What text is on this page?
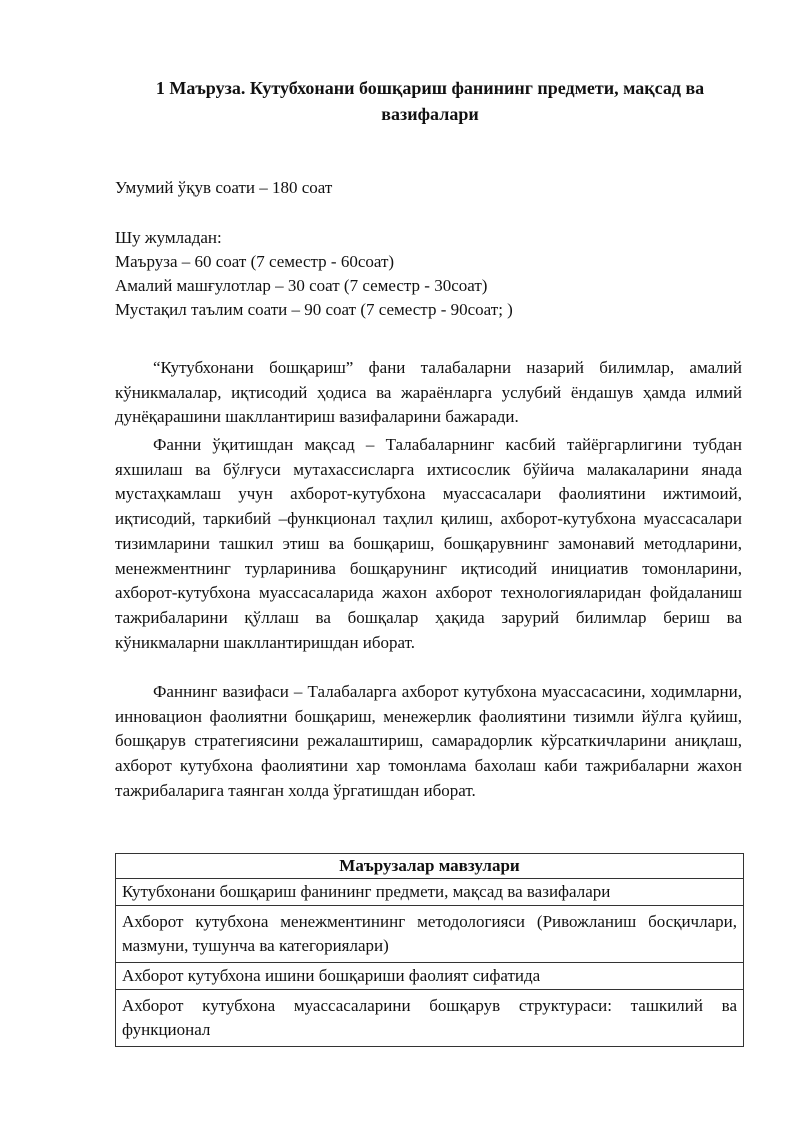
1 Маъруза. Кутубхонани бошқариш фанининг предмети, мақсад ва
вазифалари
Умумий ўқув соати – 180 соат
Шу жумладан:
Маъруза – 60 соат (7 семестр - 60соат)
Амалий машғулотлар – 30 соат (7 семестр - 30соат)
Мустақил таълим соати – 90 соат (7 семестр - 90соат; )

“Кутубхонани бошқариш” фани талабаларни назарий билимлар, амалий кўникмалалар, иқтисодий ҳодиса ва жараёнларга услубий ёндашув ҳамда илмий дунёқарашини шакллантириш вазифаларини бажаради.

Фанни ўқитишдан мақсад – Талабаларнинг касбий тайёргарлигини тубдан яхшилаш ва бўлғуси мутахассисларга ихтисослик бўйича малакаларини янада мустаҳкамлаш учун ахборот-кутубхона муассасалари фаолиятини ижтимоий, иқтисодий, таркибий –функционал таҳлил қилиш, ахборот-кутубхона муассасалари тизимларини ташкил этиш ва бошқариш, бошқарувнинг замонавий методларини, менежментнинг турларинива бошқарунинг иқтисодий инициатив томонларини, ахборот-кутубхона муассасаларида жахон ахборот технологияларидан фойдаланиш тажрибаларини қўллаш ва бошқалар ҳақида зарурий билимлар бериш ва кўникмаларни шакллантиришдан иборат.

Фаннинг вазифаси – Талабаларга ахборот кутубхона муассасасини, ходимларни, инновацион фаолиятни бошқариш, менежерлик фаолиятини тизимли йўлга қуйиш, бошқарув стратегиясини режалаштириш, самарадорлик кўрсаткичларини аниқлаш, ахборот кутубхона фаолиятини хар томонлама бахолаш каби тажрибаларни жахон тажрибаларига таянган холда ўргатишдан иборат.

Маърузалар мавзулари
Кутубхонани бошқариш фанининг предмети, мақсад ва вазифалари
Ахборот кутубхона менежментининг методологияси (Ривожланиш босқичлари, мазмуни, тушунча ва категориялари)
Ахборот кутубхона ишини бошқариши фаолият сифатида
Ахборот кутубхона муассасаларини бошқарув структураси: ташкилий ва функционал
